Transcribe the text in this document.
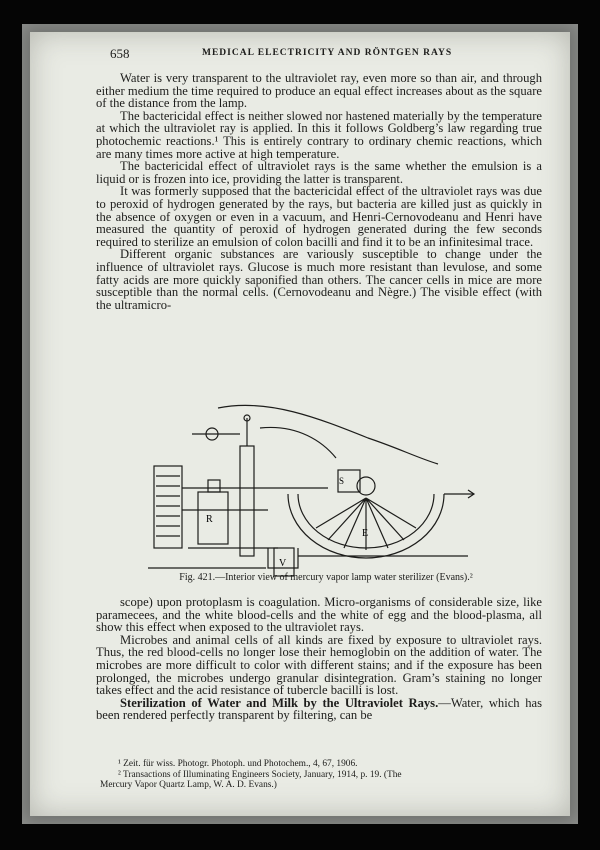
658	MEDICAL ELECTRICITY AND RÖNTGEN RAYS

Water is very transparent to the ultraviolet ray, even more so than air, and through either medium the time required to produce an equal effect increases about as the square of the distance from the lamp.

The bactericidal effect is neither slowed nor hastened materially by the temperature at which the ultraviolet ray is applied. In this it follows Goldberg’s law regarding true photochemic reactions.¹ This is entirely contrary to ordinary chemic reactions, which are many times more active at high temperature.

The bactericidal effect of ultraviolet rays is the same whether the emulsion is a liquid or is frozen into ice, providing the latter is transparent.

It was formerly supposed that the bactericidal effect of the ultraviolet rays was due to peroxid of hydrogen generated by the rays, but bacteria are killed just as quickly in the absence of oxygen or even in a vacuum, and Henri-Cernovodeanu and Henri have measured the quantity of peroxid of hydrogen generated during the few seconds required to sterilize an emulsion of colon bacilli and find it to be an infinitesimal trace.

Different organic substances are variously susceptible to change under the influence of ultraviolet rays. Glucose is much more resistant than levulose, and some fatty acids are more quickly saponified than others. The cancer cells in mice are more susceptible than the normal cells. (Cernovodeanu and Nègre.) The visible effect (with the ultramicro-

R
S
E
V
Fig. 421.—Interior view of mercury vapor lamp water sterilizer (Evans).²

scope) upon protoplasm is coagulation. Micro-organisms of considerable size, like paramecees, and the white blood-cells and the white of egg and the blood-plasma, all show this effect when exposed to the ultraviolet rays.

Microbes and animal cells of all kinds are fixed by exposure to ultraviolet rays. Thus, the red blood-cells no longer lose their hemoglobin on the addition of water. The microbes are more difficult to color with different stains; and if the exposure has been prolonged, the microbes undergo granular disintegration. Gram’s staining no longer takes effect and the acid resistance of tubercle bacilli is lost.

Sterilization of Water and Milk by the Ultraviolet Rays.—Water, which has been rendered perfectly transparent by filtering, can be

¹ Zeit. für wiss. Photogr. Photoph. und Photochem., 4, 67, 1906.

² Transactions of Illuminating Engineers Society, January, 1914, p. 19. (The

Mercury Vapor Quartz Lamp, W. A. D. Evans.)
